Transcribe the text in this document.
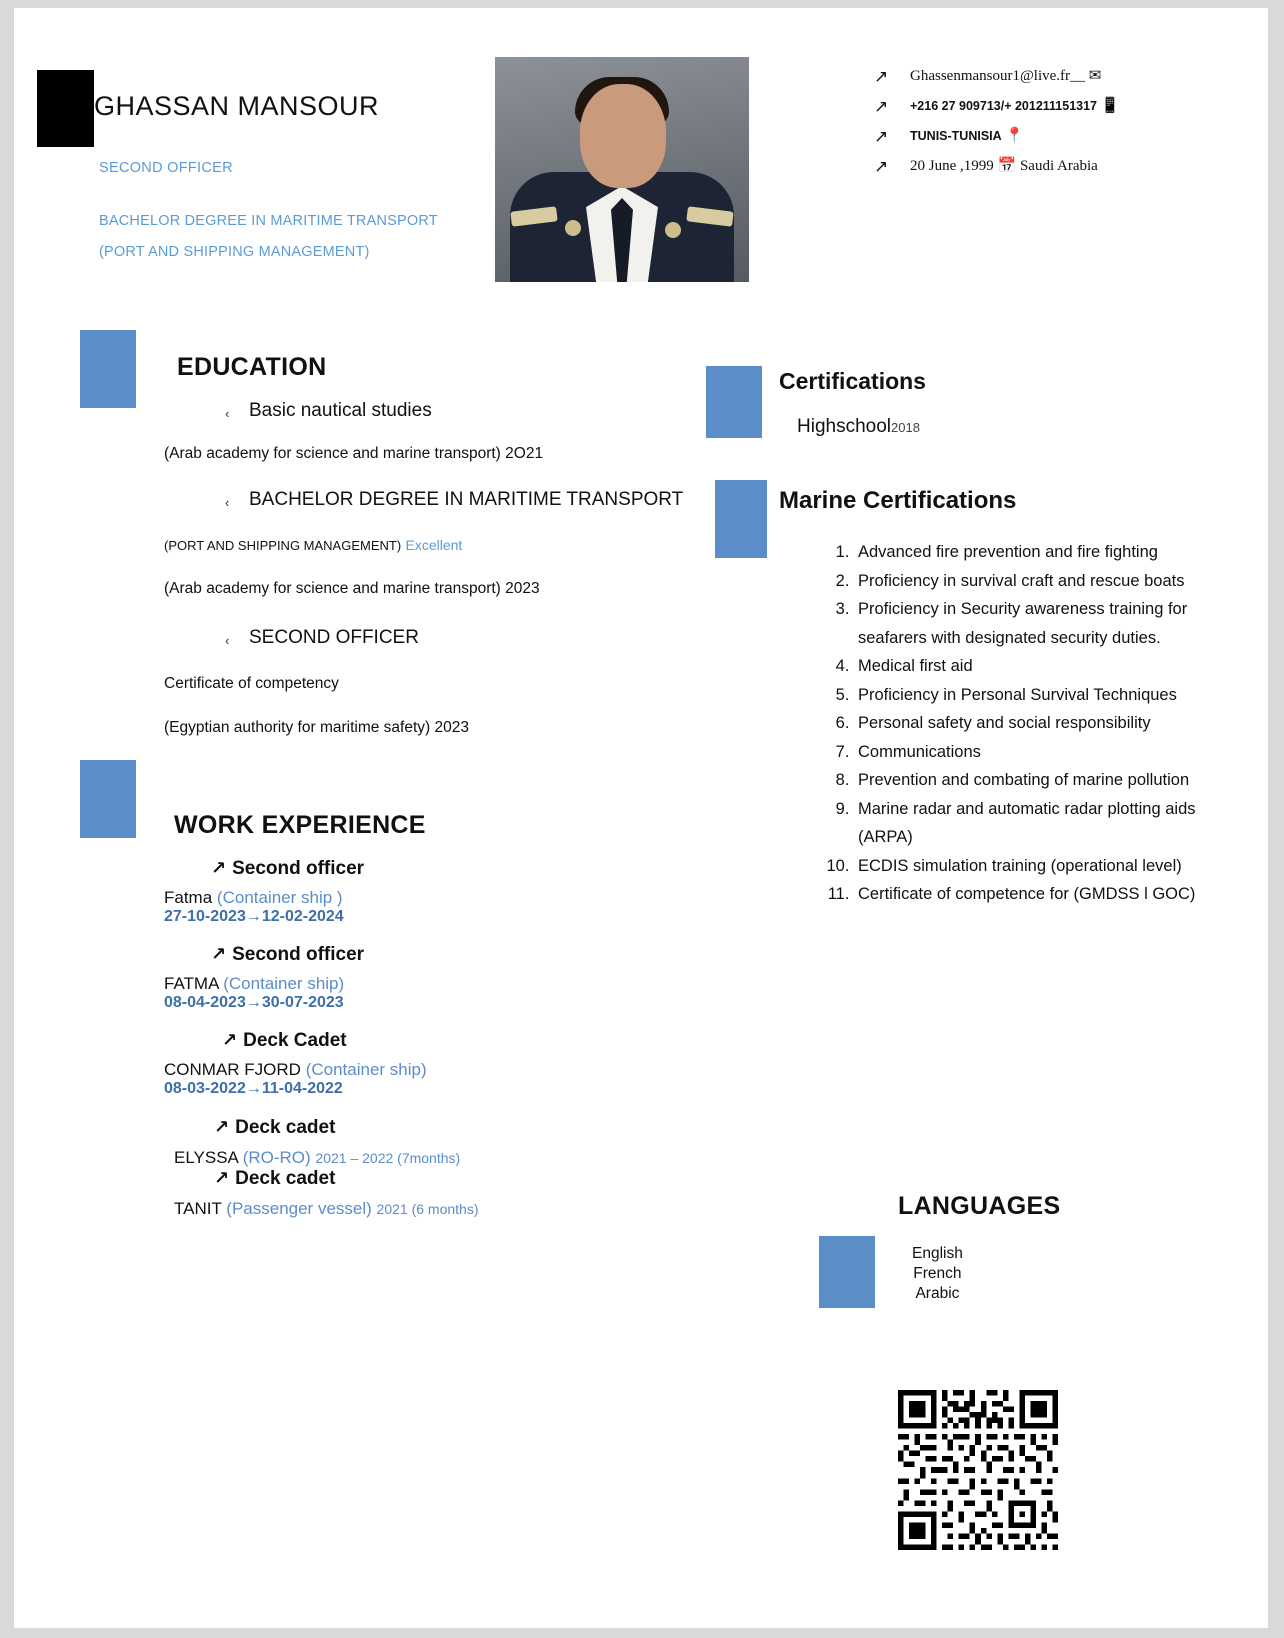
GHASSAN MANSOUR
SECOND OFFICER
BACHELOR DEGREE IN MARITIME TRANSPORT
(PORT AND SHIPPING MANAGEMENT)
↗ Ghassenmansour1@live.fr__ ✉
↗ +216 27 909713/+ 201211151317 📱
↗ TUNIS-TUNISIA 📍
↗ 20 June ,1999 📅 Saudi Arabia
EDUCATION
‹ Basic nautical studies
(Arab academy for science and marine transport) 2O21
‹ BACHELOR DEGREE IN MARITIME TRANSPORT
(PORT AND SHIPPING MANAGEMENT) Excellent
(Arab academy for science and marine transport) 2023
‹ SECOND OFFICER
Certificate of competency
(Egyptian authority for maritime safety) 2023
WORK EXPERIENCE
↗ Second officer
Fatma (Container ship )
27-10-2023→12-02-2024
↗ Second officer
FATMA (Container ship)
08-04-2023→30-07-2023
↗ Deck Cadet
CONMAR FJORD (Container ship)
08-03-2022→11-04-2022
↗ Deck cadet
ELYSSA (RO-RO) 2021 – 2022 (7months)
↗ Deck cadet
TANIT (Passenger vessel) 2021 (6 months)
Certifications
Highschool2018
Marine Certifications
1. Advanced fire prevention and fire fighting
2. Proficiency in survival craft and rescue boats
3. Proficiency in Security awareness training for seafarers with designated security duties.
4. Medical first aid
5. Proficiency in Personal Survival Techniques
6. Personal safety and social responsibility
7. Communications
8. Prevention and combating of marine pollution
9. Marine radar and automatic radar plotting aids (ARPA)
10. ECDIS simulation training (operational level)
11. Certificate of competence for (GMDSS l GOC)
LANGUAGES
English
French
Arabic
